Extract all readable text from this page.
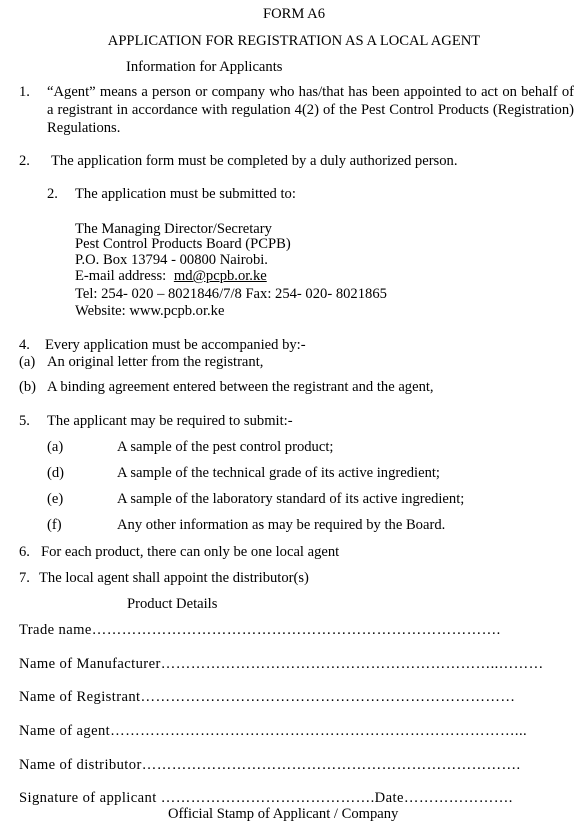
FORM A6
APPLICATION FOR REGISTRATION AS A LOCAL AGENT
Information for Applicants
1. “Agent” means a person or company who has/that has been appointed to act on behalf of a registrant in accordance with regulation 4(2) of the Pest Control Products (Registration) Regulations.
2. The application form must be completed by a duly authorized person.
2. The application must be submitted to:
The Managing Director/Secretary
Pest Control Products Board (PCPB)
P.O. Box 13794 - 00800 Nairobi.
E-mail address: md@pcpb.or.ke
Tel: 254- 020 – 8021846/7/8 Fax: 254- 020- 8021865
Website: www.pcpb.or.ke
4. Every application must be accompanied by:-
(a) An original letter from the registrant,
(b) A binding agreement entered between the registrant and the agent,
5. The applicant may be required to submit:-
(a)	A sample of the pest control product;
(d)	A sample of the technical grade of its active ingredient;
(e)	A sample of the laboratory standard of its active ingredient;
(f)	Any other information as may be required by the Board.
6. For each product, there can only be one local agent
7. The local agent shall appoint the distributor(s)
Product Details
Trade name……………………………………………………………………….
Name of Manufacturer…………………………………………………………..………
Name of Registrant…………………………………………………………………
Name of agent………………………………………………………………………...
Name of distributor………………………………………………………………….
Signature of applicant …………………………………….Date………………….
Official Stamp of Applicant / Company
